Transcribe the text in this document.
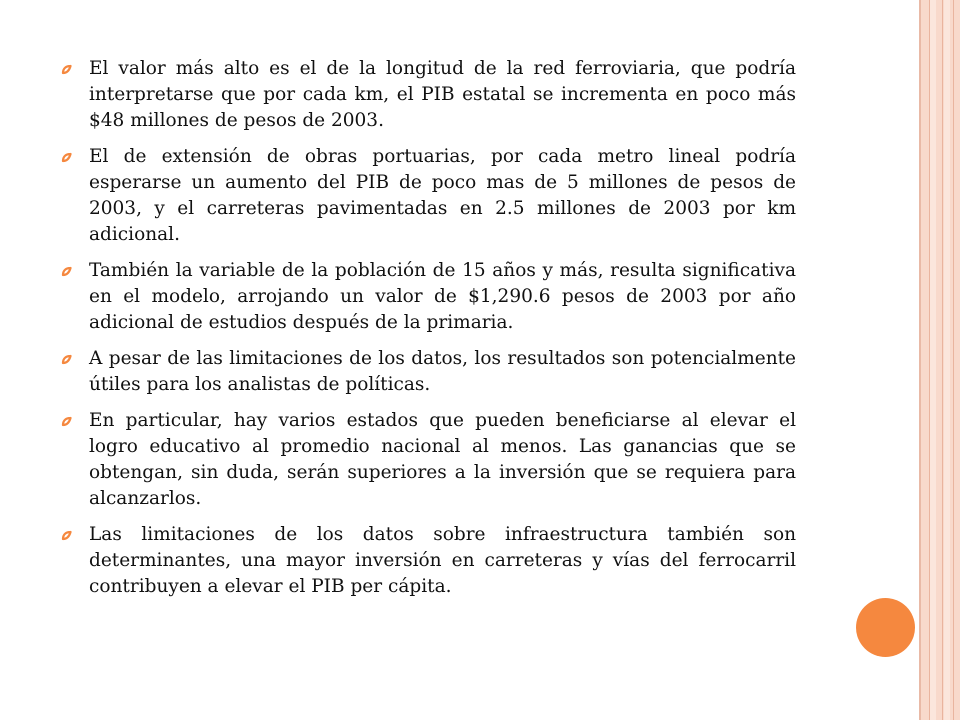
El valor más alto es el de la longitud de la red ferroviaria, que podría interpretarse que por cada km, el PIB estatal se incrementa en poco más $48 millones de pesos de 2003.
El de extensión de obras portuarias, por cada metro lineal podría esperarse un aumento del PIB de poco mas de 5 millones de pesos de 2003, y el carreteras pavimentadas en 2.5 millones de 2003 por km adicional.
También la variable de la población de 15 años y más, resulta significativa en el modelo, arrojando un valor de $1,290.6 pesos de 2003 por año adicional de estudios después de la primaria.
A pesar de las limitaciones de los datos, los resultados son potencialmente útiles para los analistas de políticas.
En particular, hay varios estados que pueden beneficiarse al elevar el logro educativo al promedio nacional al menos. Las ganancias que se obtengan, sin duda, serán superiores a la inversión que se requiera para alcanzarlos.
Las limitaciones de los datos sobre infraestructura también son determinantes, una mayor inversión en carreteras y vías del ferrocarril contribuyen a elevar el PIB per cápita.
